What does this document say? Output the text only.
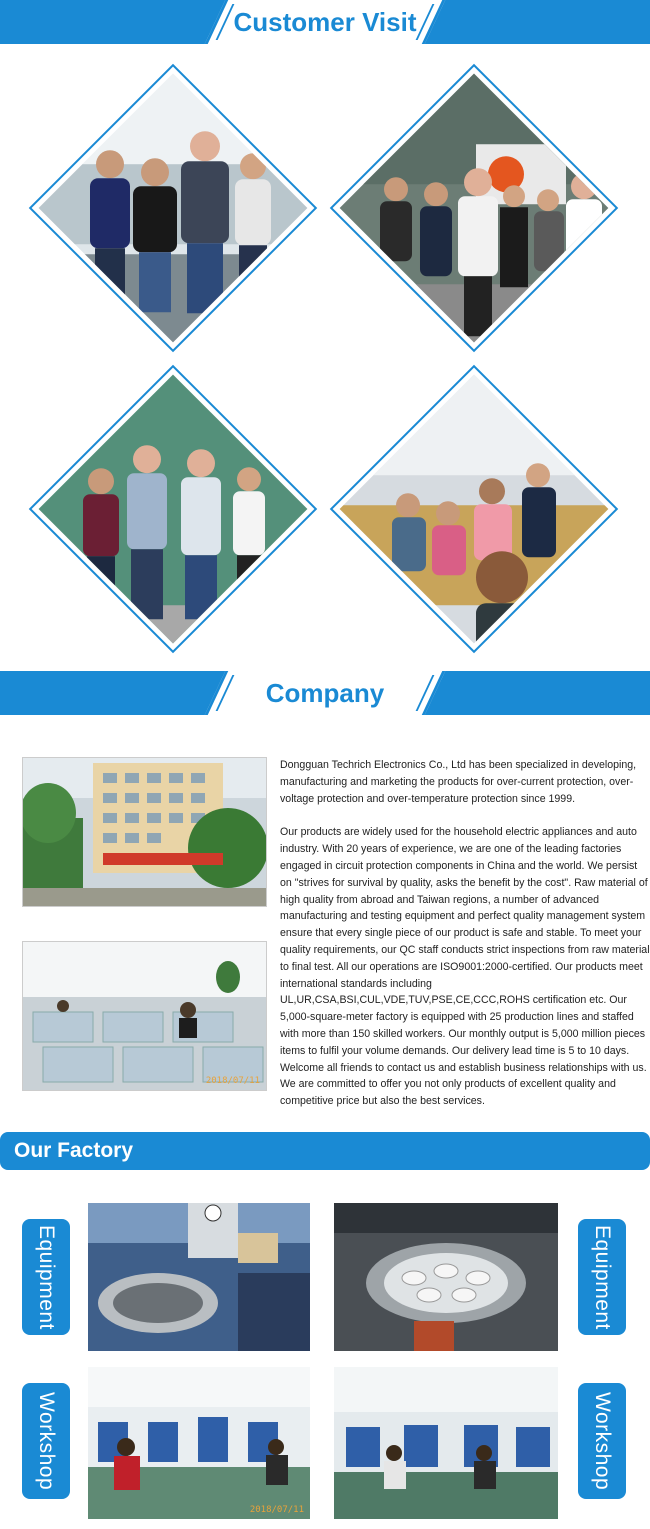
Customer Visit
Company
2018/07/11

Dongguan Techrich Electronics Co., Ltd has been specialized in developing, manufacturing and marketing the products for over-current protection, over-voltage protection and over-temperature protection since 1999.

Our products are widely used for the household electric appliances and auto industry. With 20 years of experience, we are one of the leading factories engaged in circuit protection components in China and the world. We persist on "strives for survival by quality, asks the benefit by the cost". Raw material of high quality from abroad and Taiwan regions, a number of advanced manufacturing and testing equipment and perfect quality management system ensure that every single piece of our product is safe and stable. To meet your quality requirements, our QC staff conducts strict inspections from raw material to final test. All our operations are ISO9001:2000-certified. Our products meet international standards including UL,UR,CSA,BSI,CUL,VDE,TUV,PSE,CE,CCC,ROHS certification etc. Our 5,000-square-meter factory is equipped with 25 production lines and staffed with more than 150 skilled workers. Our monthly output is 5,000 million pieces items to fulfil your volume demands. Our delivery lead time is 5 to 10 days. Welcome all friends to contact us and establish business relationships with us. We are committed to offer you not only products of excellent quality and competitive price but also the best services.

Our Factory
Equipment	Equipment
Workshop	Workshop
2018/07/11
